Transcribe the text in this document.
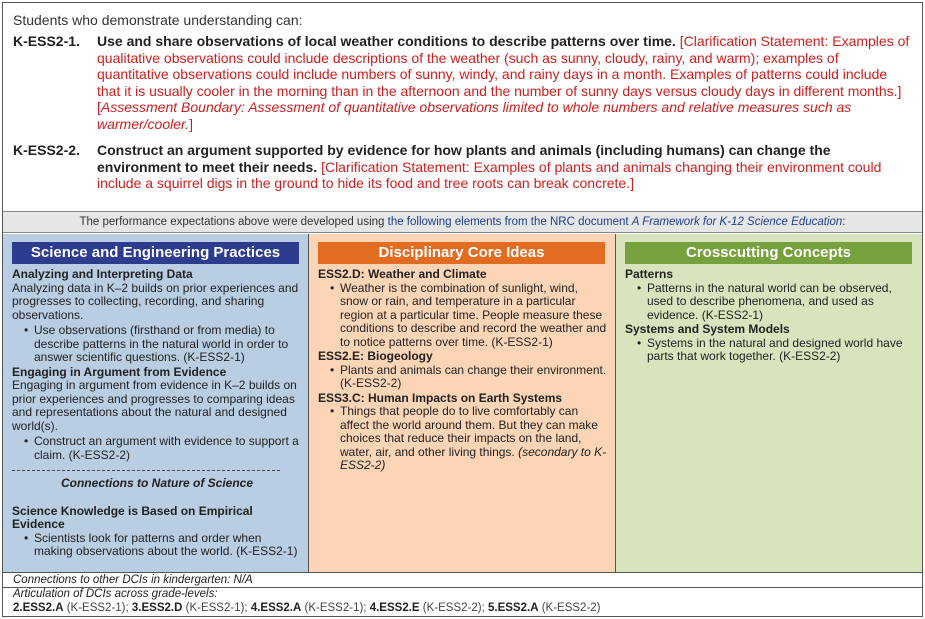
Students who demonstrate understanding can:
K-ESS2-1. Use and share observations of local weather conditions to describe patterns over time. [Clarification Statement: Examples of qualitative observations could include descriptions of the weather (such as sunny, cloudy, rainy, and warm); examples of quantitative observations could include numbers of sunny, windy, and rainy days in a month. Examples of patterns could include that it is usually cooler in the morning than in the afternoon and the number of sunny days versus cloudy days in different months.] [Assessment Boundary: Assessment of quantitative observations limited to whole numbers and relative measures such as warmer/cooler.]
K-ESS2-2. Construct an argument supported by evidence for how plants and animals (including humans) can change the environment to meet their needs. [Clarification Statement: Examples of plants and animals changing their environment could include a squirrel digs in the ground to hide its food and tree roots can break concrete.]
The performance expectations above were developed using the following elements from the NRC document A Framework for K-12 Science Education:
Science and Engineering Practices
Analyzing and Interpreting Data
Analyzing data in K–2 builds on prior experiences and progresses to collecting, recording, and sharing observations.
• Use observations (firsthand or from media) to describe patterns in the natural world in order to answer scientific questions. (K-ESS2-1)
Engaging in Argument from Evidence
Engaging in argument from evidence in K–2 builds on prior experiences and progresses to comparing ideas and representations about the natural and designed world(s).
• Construct an argument with evidence to support a claim. (K-ESS2-2)
Connections to Nature of Science
Science Knowledge is Based on Empirical Evidence
• Scientists look for patterns and order when making observations about the world. (K-ESS2-1)
Disciplinary Core Ideas
ESS2.D: Weather and Climate
• Weather is the combination of sunlight, wind, snow or rain, and temperature in a particular region at a particular time. People measure these conditions to describe and record the weather and to notice patterns over time. (K-ESS2-1)
ESS2.E: Biogeology
• Plants and animals can change their environment. (K-ESS2-2)
ESS3.C: Human Impacts on Earth Systems
• Things that people do to live comfortably can affect the world around them. But they can make choices that reduce their impacts on the land, water, air, and other living things. (secondary to K-ESS2-2)
Crosscutting Concepts
Patterns
• Patterns in the natural world can be observed, used to describe phenomena, and used as evidence. (K-ESS2-1)
Systems and System Models
• Systems in the natural and designed world have parts that work together. (K-ESS2-2)
Connections to other DCIs in kindergarten: N/A
Articulation of DCIs across grade-levels:
2.ESS2.A (K-ESS2-1); 3.ESS2.D (K-ESS2-1); 4.ESS2.A (K-ESS2-1); 4.ESS2.E (K-ESS2-2); 5.ESS2.A (K-ESS2-2)
